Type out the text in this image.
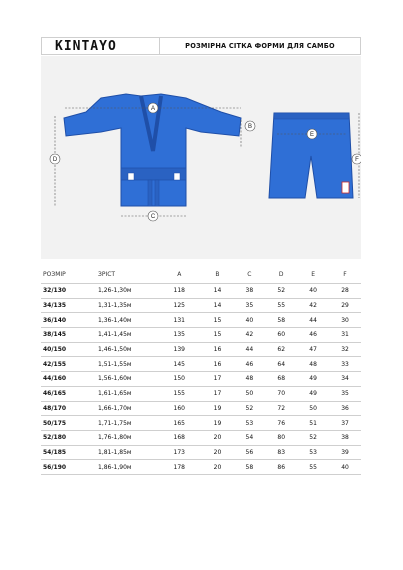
KINTAYO	РОЗМІРНА СІТКА ФОРМИ ДЛЯ САМБО
A
B
C
D
E
F
РОЗМІР	ЗРІСТ	A	B	C	D	E	F
32/130	1,26-1,30м	118	14	38	52	40	28
34/135	1,31-1,35м	125	14	35	55	42	29
36/140	1,36-1,40м	131	15	40	58	44	30
38/145	1,41-1,45м	135	15	42	60	46	31
40/150	1,46-1,50м	139	16	44	62	47	32
42/155	1,51-1,55м	145	16	46	64	48	33
44/160	1,56-1,60м	150	17	48	68	49	34
46/165	1,61-1,65м	155	17	50	70	49	35
48/170	1,66-1,70м	160	19	52	72	50	36
50/175	1,71-1,75м	165	19	53	76	51	37
52/180	1,76-1,80м	168	20	54	80	52	38
54/185	1,81-1,85м	173	20	56	83	53	39
56/190	1,86-1,90м	178	20	58	86	55	40
